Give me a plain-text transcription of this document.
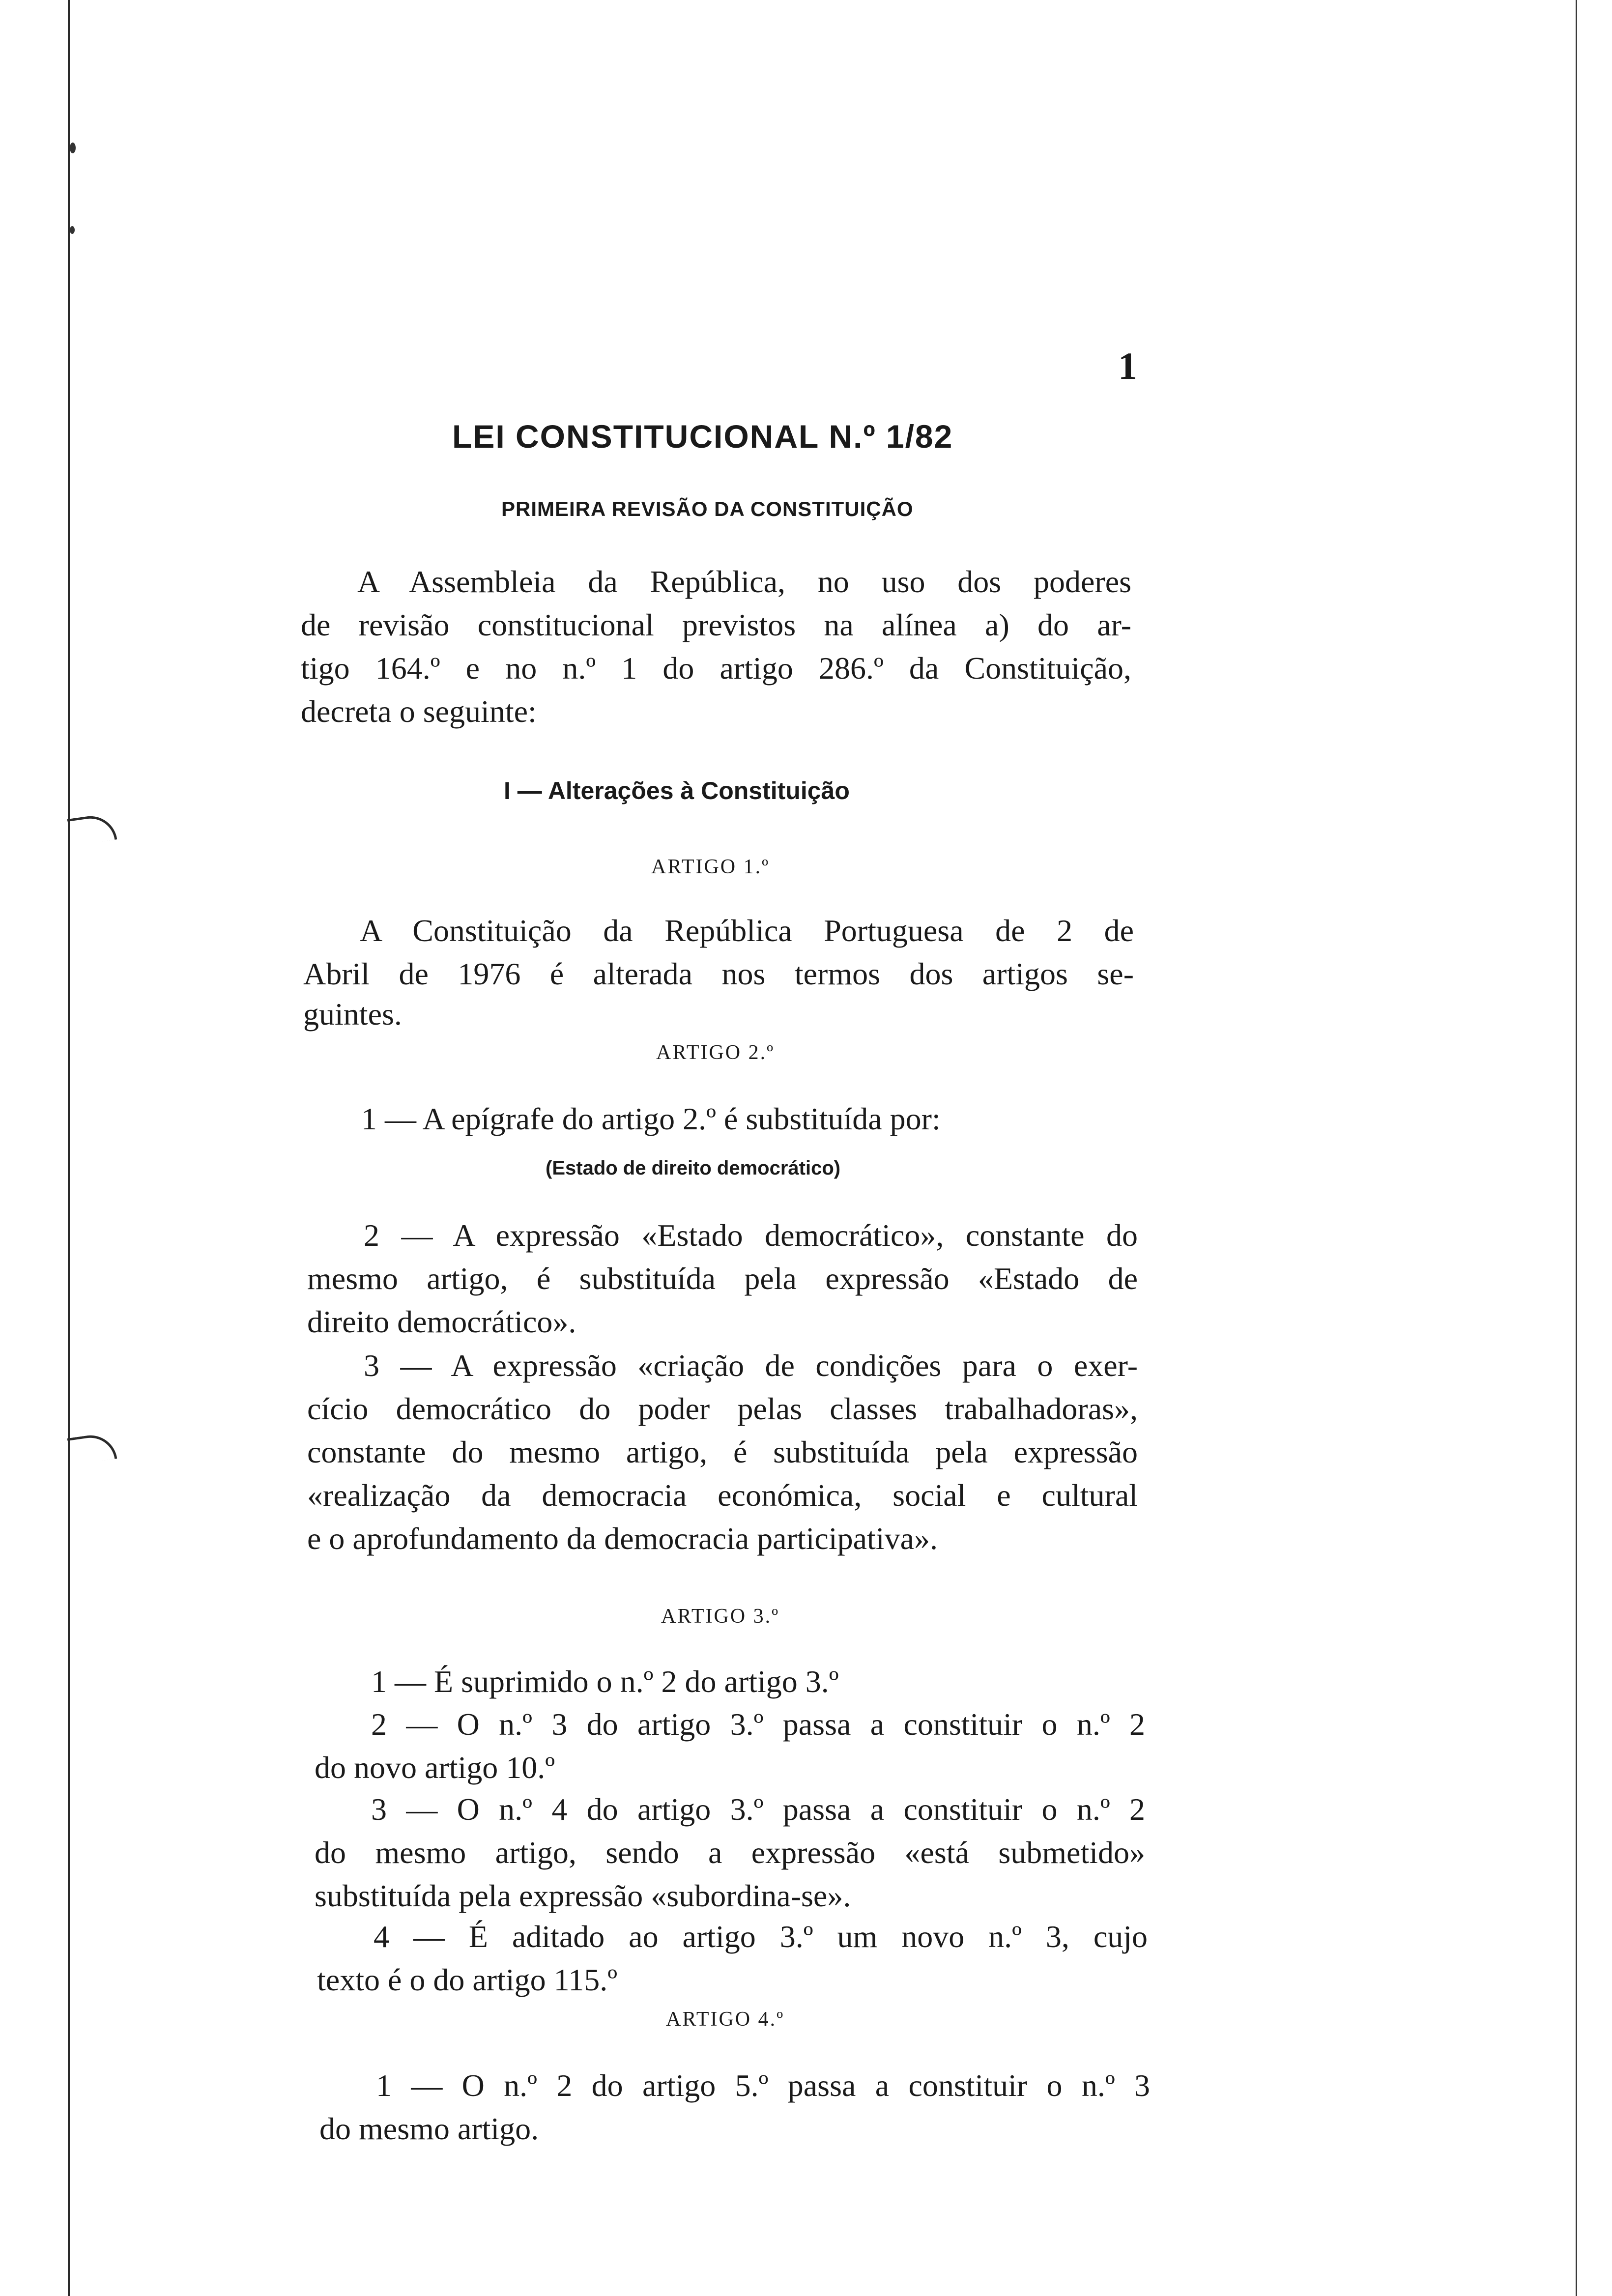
1
LEI CONSTITUCIONAL N.º 1/82
PRIMEIRA REVISÃO DA CONSTITUIÇÃO

A Assembleia da República, no uso dos poderes

de revisão constitucional previstos na alínea a) do ar-

tigo 164.º e no n.º 1 do artigo 286.º da Constituição,

decreta o seguinte:

I — Alterações à Constituição
ARTIGO 1.º

A Constituição da República Portuguesa de 2 de

Abril de 1976 é alterada nos termos dos artigos se-

guintes.

ARTIGO 2.º
1 — A epígrafe do artigo 2.º é substituída por:
(Estado de direito democrático)

2 — A expressão «Estado democrático», constante do

mesmo artigo, é substituída pela expressão «Estado de

direito democrático».

3 — A expressão «criação de condições para o exer-

cício democrático do poder pelas classes trabalhadoras»,

constante do mesmo artigo, é substituída pela expressão

«realização da democracia económica, social e cultural

e o aprofundamento da democracia participativa».

ARTIGO 3.º
1 — É suprimido o n.º 2 do artigo 3.º

2 — O n.º 3 do artigo 3.º passa a constituir o n.º 2

do novo artigo 10.º

3 — O n.º 4 do artigo 3.º passa a constituir o n.º 2

do mesmo artigo, sendo a expressão «está submetido»

substituída pela expressão «subordina-se».

4 — É aditado ao artigo 3.º um novo n.º 3, cujo

texto é o do artigo 115.º

ARTIGO 4.º

1 — O n.º 2 do artigo 5.º passa a constituir o n.º 3

do mesmo artigo.
